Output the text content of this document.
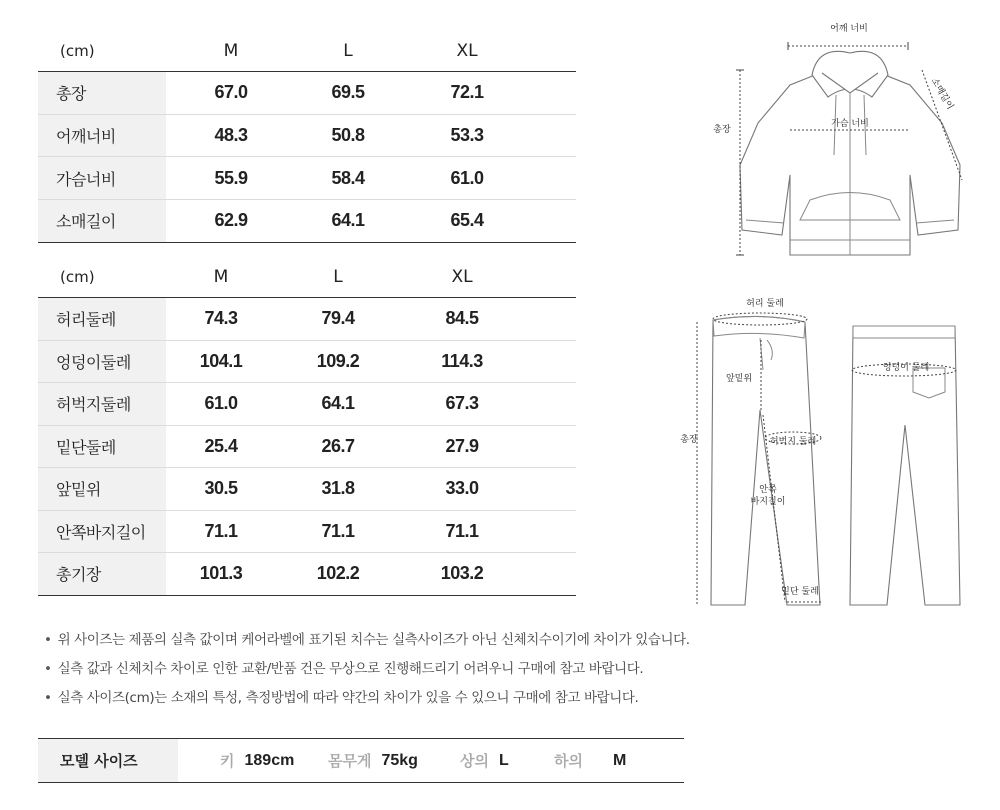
(cm)	M	L	XL	
총장	67.0	69.5	72.1	
어깨너비	48.3	50.8	53.3	
가슴너비	55.9	58.4	61.0	
소매길이	62.9	64.1	65.4	
(cm)	M	L	XL	
허리둘레	74.3	79.4	84.5	
엉덩이둘레	104.1	109.2	114.3	
허벅지둘레	61.0	64.1	67.3	
밑단둘레	25.4	26.7	27.9	
앞밑위	30.5	31.8	33.0	
안쪽바지길이	71.1	71.1	71.1	
총기장	101.3	102.2	103.2	
어깨 너비
총장
가슴 너비
소매길이
허리 둘레
앞밑위
총장
엉덩이 둘레
허벅지 둘레
안쪽
바지길이
밑단 둘레
• 위 사이즈는 제품의 실측 값이며 케어라벨에 표기된 치수는 실측사이즈가 아닌 신체치수이기에 차이가 있습니다.
• 실측 값과 신체치수 차이로 인한 교환/반품 건은 무상으로 진행해드리기 어려우니 구매에 참고 바랍니다.
• 실측 사이즈(cm)는 소재의 특성, 측정방법에 따라 약간의 차이가 있을 수 있으니 구매에 참고 바랍니다.
모델 사이즈	키 189cm 몸무게 75kg	상의 L	하의 M
